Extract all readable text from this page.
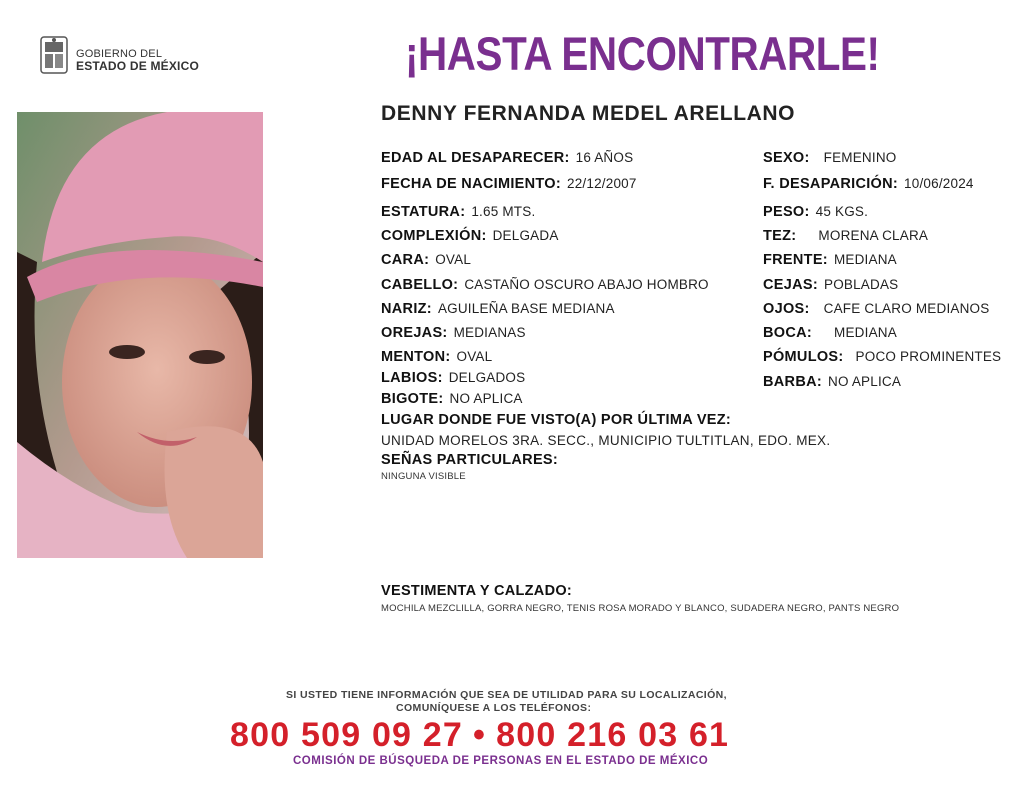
GOBIERNO DEL
ESTADO DE MÉXICO	¡HASTA ENCONTRARLE!
DENNY FERNANDA MEDEL ARELLANO
EDAD AL DESAPARECER: 16 AÑOS
FECHA DE NACIMIENTO: 22/12/2007
ESTATURA: 1.65 MTS.
COMPLEXIÓN: DELGADA
CARA: OVAL
CABELLO: CASTAÑO OSCURO ABAJO HOMBRO
NARIZ: AGUILEÑA BASE MEDIANA
OREJAS: MEDIANAS
MENTON: OVAL
LABIOS: DELGADOS
BIGOTE: NO APLICA
SEXO: FEMENINO
F. DESAPARICIÓN: 10/06/2024
PESO: 45 KGS.
TEZ: MORENA CLARA
FRENTE: MEDIANA
CEJAS: POBLADAS
OJOS: CAFE CLARO MEDIANOS
BOCA: MEDIANA
PÓMULOS: POCO PROMINENTES
BARBA: NO APLICA
LUGAR DONDE FUE VISTO(A) POR ÚLTIMA VEZ:
UNIDAD MORELOS 3RA. SECC., MUNICIPIO TULTITLAN, EDO. MEX.
SEÑAS PARTICULARES:
NINGUNA VISIBLE
VESTIMENTA Y CALZADO:
MOCHILA MEZCLILLA, GORRA NEGRO, TENIS ROSA MORADO Y BLANCO, SUDADERA NEGRO, PANTS NEGRO
SI USTED TIENE INFORMACIÓN QUE SEA DE UTILIDAD PARA SU LOCALIZACIÓN,
COMUNÍQUESE A LOS TELÉFONOS:
800 509 09 27 • 800 216 03 61
COMISIÓN DE BÚSQUEDA DE PERSONAS EN EL ESTADO DE MÉXICO
